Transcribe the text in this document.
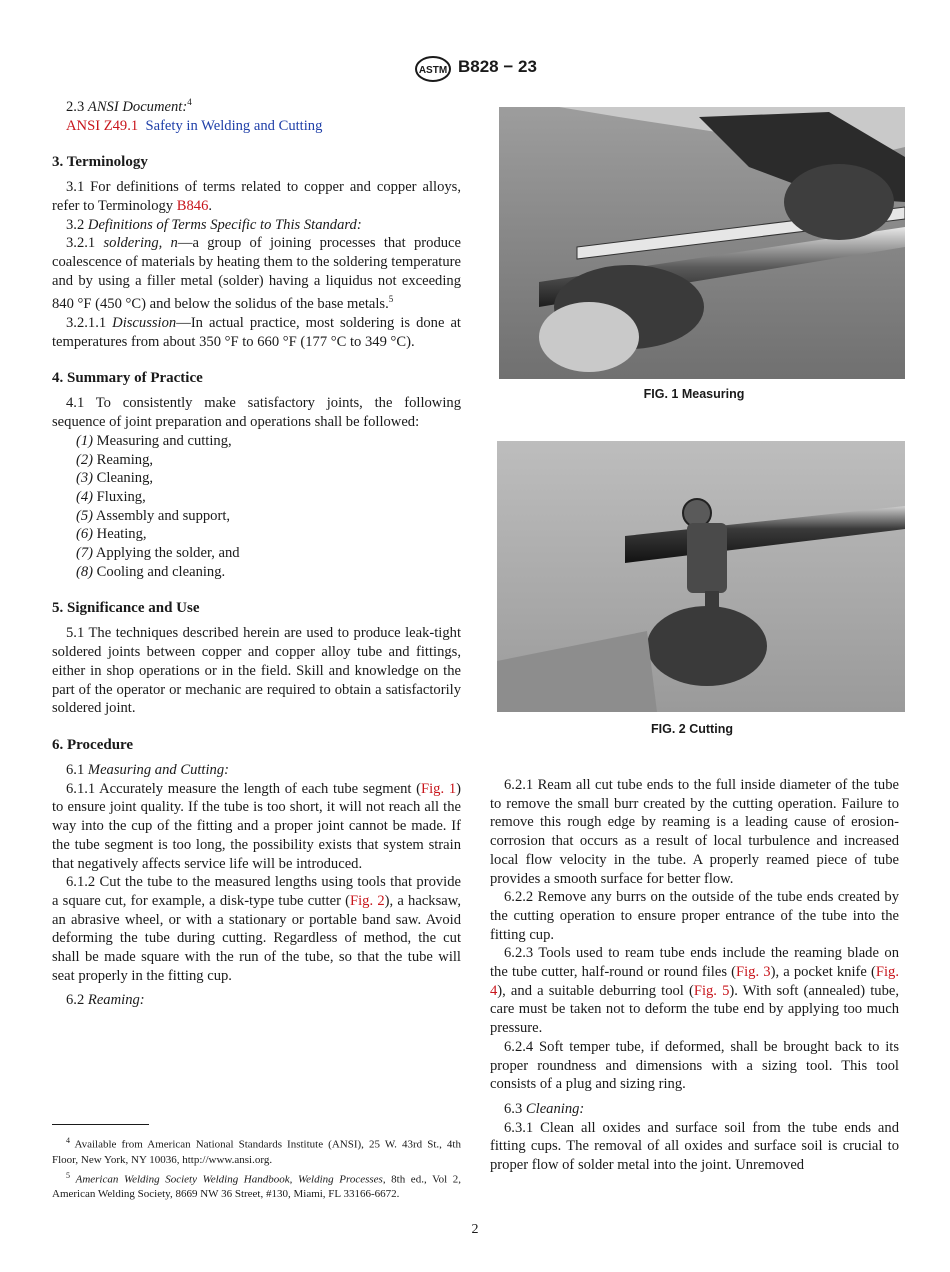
ASTM B828 − 23

2.3 ANSI Document:$^4$

ANSI Z49.1 Safety in Welding and Cutting

3. Terminology

3.1 For definitions of terms related to copper and copper alloys, refer to Terminology B846.

3.2 Definitions of Terms Specific to This Standard:

3.2.1 soldering, n—a group of joining processes that produce coalescence of materials by heating them to the soldering temperature and by using a filler metal (solder) having a liquidus not exceeding 840 °F (450 °C) and below the solidus of the base metals.$^5$

3.2.1.1 Discussion—In actual practice, most soldering is done at temperatures from about 350 °F to 660 °F (177 °C to 349 °C).

4. Summary of Practice

4.1 To consistently make satisfactory joints, the following sequence of joint preparation and operations shall be followed:

(1) Measuring and cutting,

(2) Reaming,

(3) Cleaning,

(4) Fluxing,

(5) Assembly and support,

(6) Heating,

(7) Applying the solder, and

(8) Cooling and cleaning.

5. Significance and Use

5.1 The techniques described herein are used to produce leak-tight soldered joints between copper and copper alloy tube and fittings, either in shop operations or in the field. Skill and knowledge on the part of the operator or mechanic are required to obtain a satisfactorily soldered joint.

6. Procedure

6.1 Measuring and Cutting:

6.1.1 Accurately measure the length of each tube segment (Fig. 1) to ensure joint quality. If the tube is too short, it will not reach all the way into the cup of the fitting and a proper joint cannot be made. If the tube segment is too long, the possibility exists that system strain that negatively affects service life will be introduced.

6.1.2 Cut the tube to the measured lengths using tools that provide a square cut, for example, a disk-type tube cutter (Fig. 2), a hacksaw, an abrasive wheel, or with a stationary or portable band saw. Avoid deforming the tube during cutting. Regardless of method, the cut shall be made square with the run of the tube, so that the tube will seat properly in the fitting cup.

6.2 Reaming:

$^4$ Available from American National Standards Institute (ANSI), 25 W. 43rd St., 4th Floor, New York, NY 10036, http://www.ansi.org.

$^5$ American Welding Society Welding Handbook, Welding Processes, 8th ed., Vol 2, American Welding Society, 8669 NW 36 Street, #130, Miami, FL 33166-6672.

FIG. 1 Measuring
FIG. 2 Cutting

6.2.1 Ream all cut tube ends to the full inside diameter of the tube to remove the small burr created by the cutting operation. Failure to remove this rough edge by reaming is a leading cause of erosion-corrosion that occurs as a result of local turbulence and increased local flow velocity in the tube. A properly reamed piece of tube provides a smooth surface for better flow.

6.2.2 Remove any burrs on the outside of the tube ends created by the cutting operation to ensure proper entrance of the tube into the fitting cup.

6.2.3 Tools used to ream tube ends include the reaming blade on the tube cutter, half-round or round files (Fig. 3), a pocket knife (Fig. 4), and a suitable deburring tool (Fig. 5). With soft (annealed) tube, care must be taken not to deform the tube end by applying too much pressure.

6.2.4 Soft temper tube, if deformed, shall be brought back to its proper roundness and dimensions with a sizing tool. This tool consists of a plug and sizing ring.

6.3 Cleaning:

6.3.1 Clean all oxides and surface soil from the tube ends and fitting cups. The removal of all oxides and surface soil is crucial to proper flow of solder metal into the joint. Unremoved

2
